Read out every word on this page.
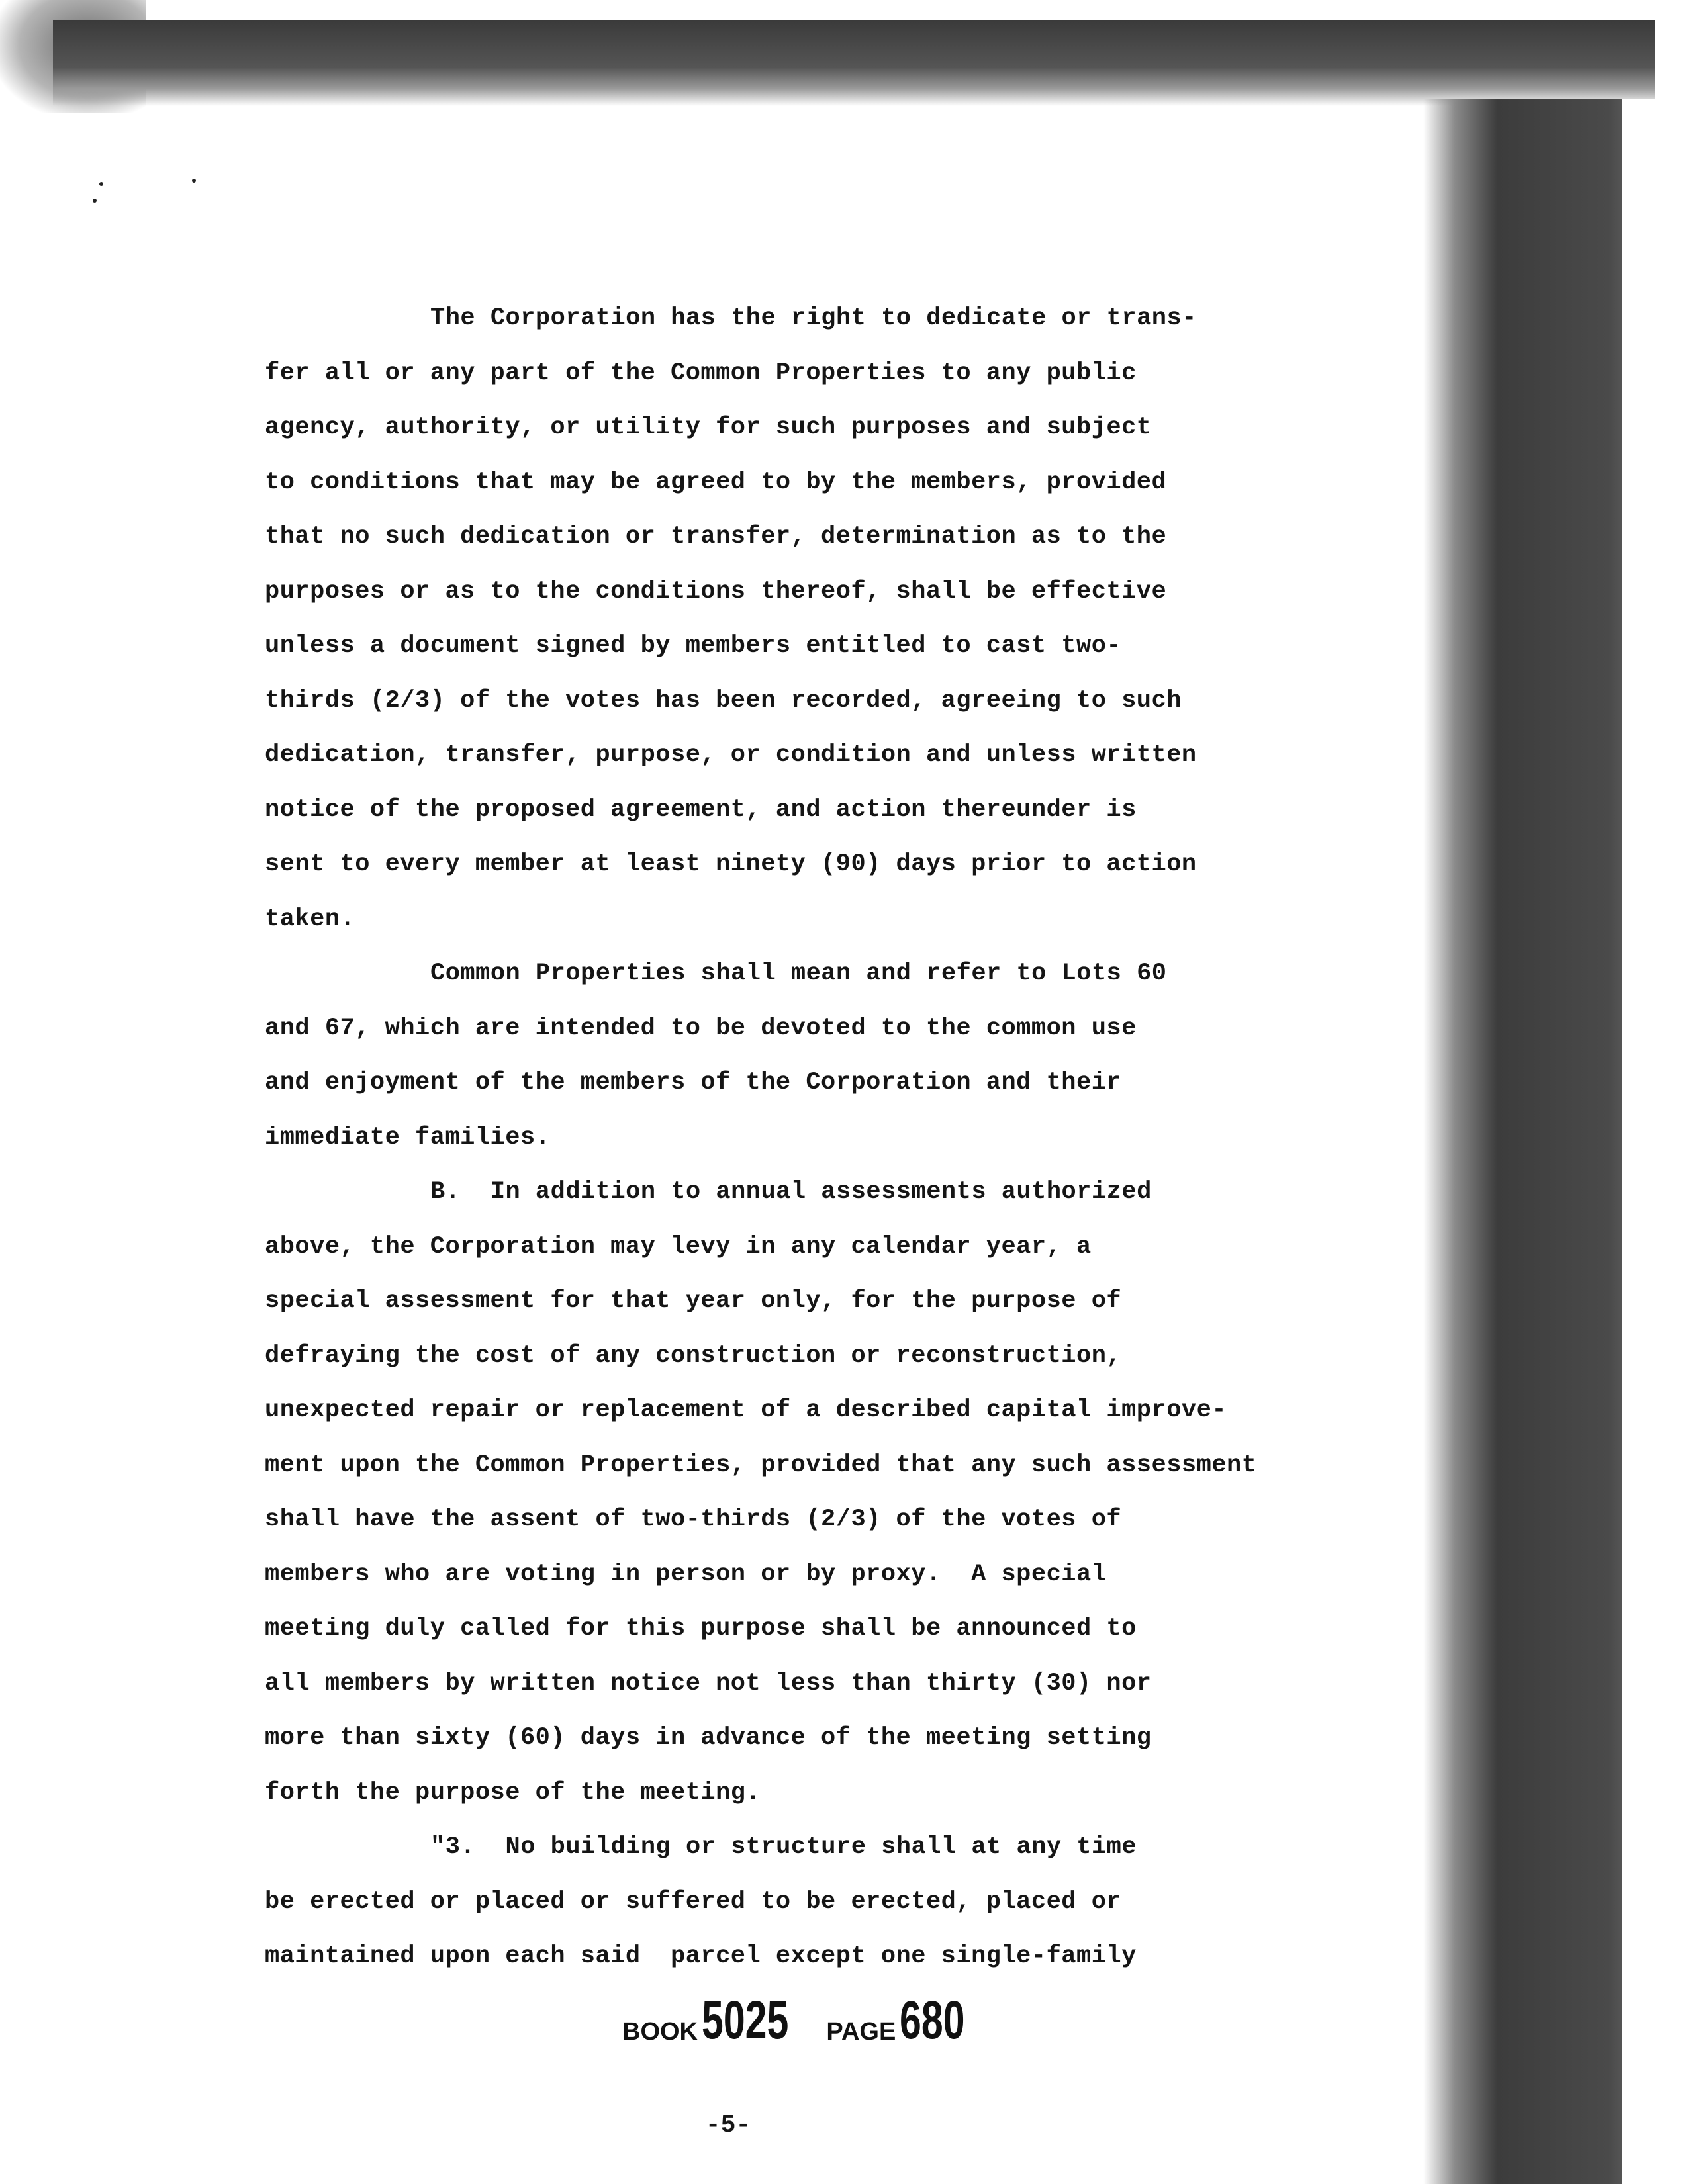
The Corporation has the right to dedicate or trans-
fer all or any part of the Common Properties to any public
agency, authority, or utility for such purposes and subject
to conditions that may be agreed to by the members, provided
that no such dedication or transfer, determination as to the
purposes or as to the conditions thereof, shall be effective
unless a document signed by members entitled to cast two-
thirds (2/3) of the votes has been recorded, agreeing to such
dedication, transfer, purpose, or condition and unless written
notice of the proposed agreement, and action thereunder is
sent to every member at least ninety (90) days prior to action
taken.
Common Properties shall mean and refer to Lots 60
and 67, which are intended to be devoted to the common use
and enjoyment of the members of the Corporation and their
immediate families.
B.  In addition to annual assessments authorized
above, the Corporation may levy in any calendar year, a
special assessment for that year only, for the purpose of
defraying the cost of any construction or reconstruction,
unexpected repair or replacement of a described capital improve-
ment upon the Common Properties, provided that any such assessment
shall have the assent of two-thirds (2/3) of the votes of
members who are voting in person or by proxy.  A special
meeting duly called for this purpose shall be announced to
all members by written notice not less than thirty (30) nor
more than sixty (60) days in advance of the meeting setting
forth the purpose of the meeting.
"3.  No building or structure shall at any time
be erected or placed or suffered to be erected, placed or
maintained upon each said  parcel except one single-family
BOOK 5025 PAGE 680
-5-
